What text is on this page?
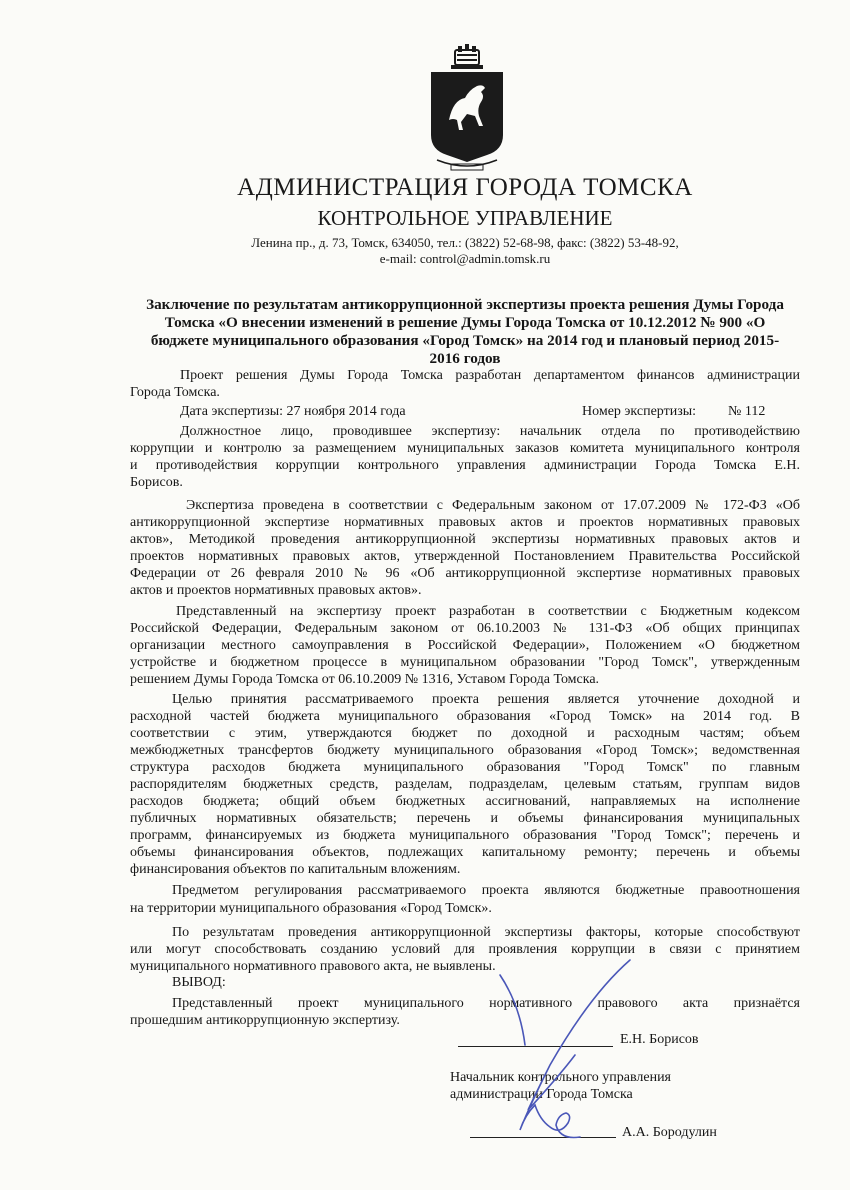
АДМИНИСТРАЦИЯ ГОРОДА ТОМСКА
КОНТРОЛЬНОЕ УПРАВЛЕНИЕ
Ленина пр., д. 73, Томск, 634050, тел.: (3822) 52-68-98, факс: (3822) 53-48-92,
e-mail: control@admin.tomsk.ru
Заключение по результатам антикоррупционной экспертизы проекта решения Думы Города
Томска «О внесении изменений в решение Думы Города Томска от 10.12.2012 № 900 «О
бюджете муниципального образования «Город Томск» на 2014 год и плановый период 2015-
2016 годов
Проект решения Думы Города Томска разработан департаментом финансов администрации
Города Томска.
Дата экспертизы: 27 ноября 2014 года	Номер экспертизы: № 112
Должностное лицо, проводившее экспертизу: начальник отдела по противодействию
коррупции и контролю за размещением муниципальных заказов комитета муниципального контроля
и противодействия коррупции контрольного управления администрации Города Томска Е.Н.
Борисов.
Экспертиза проведена в соответствии с Федеральным законом от 17.07.2009 № 172-ФЗ «Об
антикоррупционной экспертизе нормативных правовых актов и проектов нормативных правовых
актов», Методикой проведения антикоррупционной экспертизы нормативных правовых актов и
проектов нормативных правовых актов, утвержденной Постановлением Правительства Российской
Федерации от 26 февраля 2010 № 96 «Об антикоррупционной экспертизе нормативных правовых
актов и проектов нормативных правовых актов».
Представленный на экспертизу проект разработан в соответствии с Бюджетным кодексом
Российской Федерации, Федеральным законом от 06.10.2003 № 131-ФЗ «Об общих принципах
организации местного самоуправления в Российской Федерации», Положением «О бюджетном
устройстве и бюджетном процессе в муниципальном образовании "Город Томск", утвержденным
решением Думы Города Томска от 06.10.2009 № 1316, Уставом Города Томска.
Целью принятия рассматриваемого проекта решения является уточнение доходной и
расходной частей бюджета муниципального образования «Город Томск» на 2014 год. В
соответствии с этим, утверждаются бюджет по доходной и расходным частям; объем
межбюджетных трансфертов бюджету муниципального образования «Город Томск»; ведомственная
структура расходов бюджета муниципального образования "Город Томск" по главным
распорядителям бюджетных средств, разделам, подразделам, целевым статьям, группам видов
расходов бюджета; общий объем бюджетных ассигнований, направляемых на исполнение
публичных нормативных обязательств; перечень и объемы финансирования муниципальных
программ, финансируемых из бюджета муниципального образования "Город Томск"; перечень и
объемы финансирования объектов, подлежащих капитальному ремонту; перечень и объемы
финансирования объектов по капитальным вложениям.
Предметом регулирования рассматриваемого проекта являются бюджетные правоотношения
на территории муниципального образования «Город Томск».
По результатам проведения антикоррупционной экспертизы факторы, которые способствуют
или могут способствовать созданию условий для проявления коррупции в связи с принятием
муниципального нормативного правового акта, не выявлены.
ВЫВОД:
Представленный проект муниципального нормативного правового акта признаётся
прошедшим антикоррупционную экспертизу.
Е.Н. Борисов
Начальник контрольного управления
администрации Города Томска
А.А. Бородулин
